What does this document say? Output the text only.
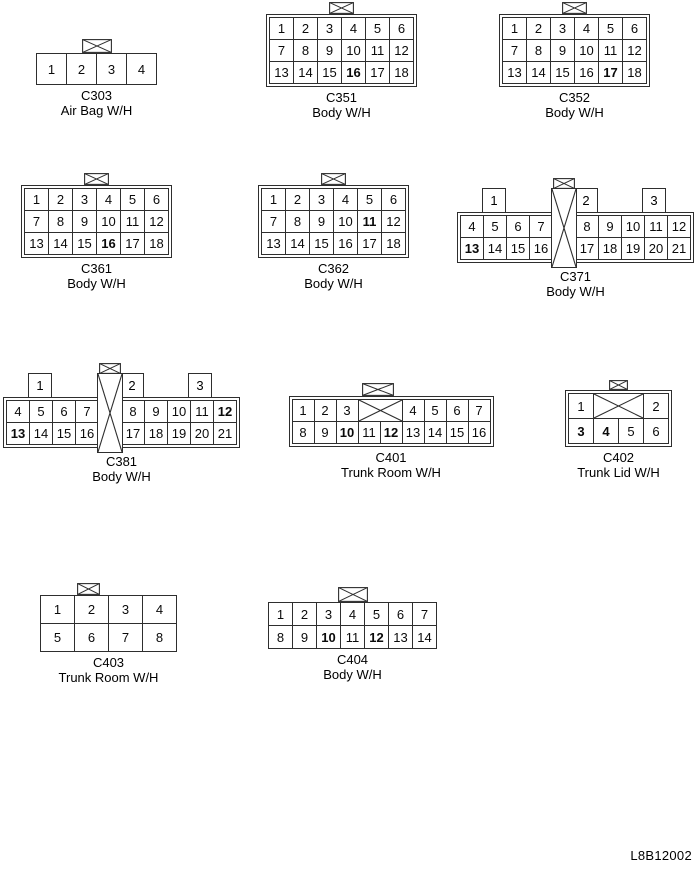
1	2	3	4
C303
Air Bag W/H
1	2	3	4	5	6
7	8	9	10	11	12
13	14	15	16	17	18
C351
Body W/H
1	2	3	4	5	6
7	8	9	10	11	12
13	14	15	16	17	18
C352
Body W/H
1	2	3	4	5	6
7	8	9	10	11	12
13	14	15	16	17	18
C361
Body W/H
1	2	3	4	5	6
7	8	9	10	11	12
13	14	15	16	17	18
C362
Body W/H
1	2	3
4	5	6	7		8	9	10	11	12
13	14	15	16		17	18	19	20	21
C371
Body W/H
1	2	3
4	5	6	7		8	9	10	11	12
13	14	15	16		17	18	19	20	21
C381
Body W/H
1	2	3			4	5	6	7
8	9	10	11	12	13	14	15	16
C401
Trunk Room W/H
1			2
3	4	5	6
C402
Trunk Lid W/H
1	2	3	4
5	6	7	8
C403
Trunk Room W/H
1	2	3	4	5	6	7
8	9	10	11	12	13	14
C404
Body W/H
L8B12002
